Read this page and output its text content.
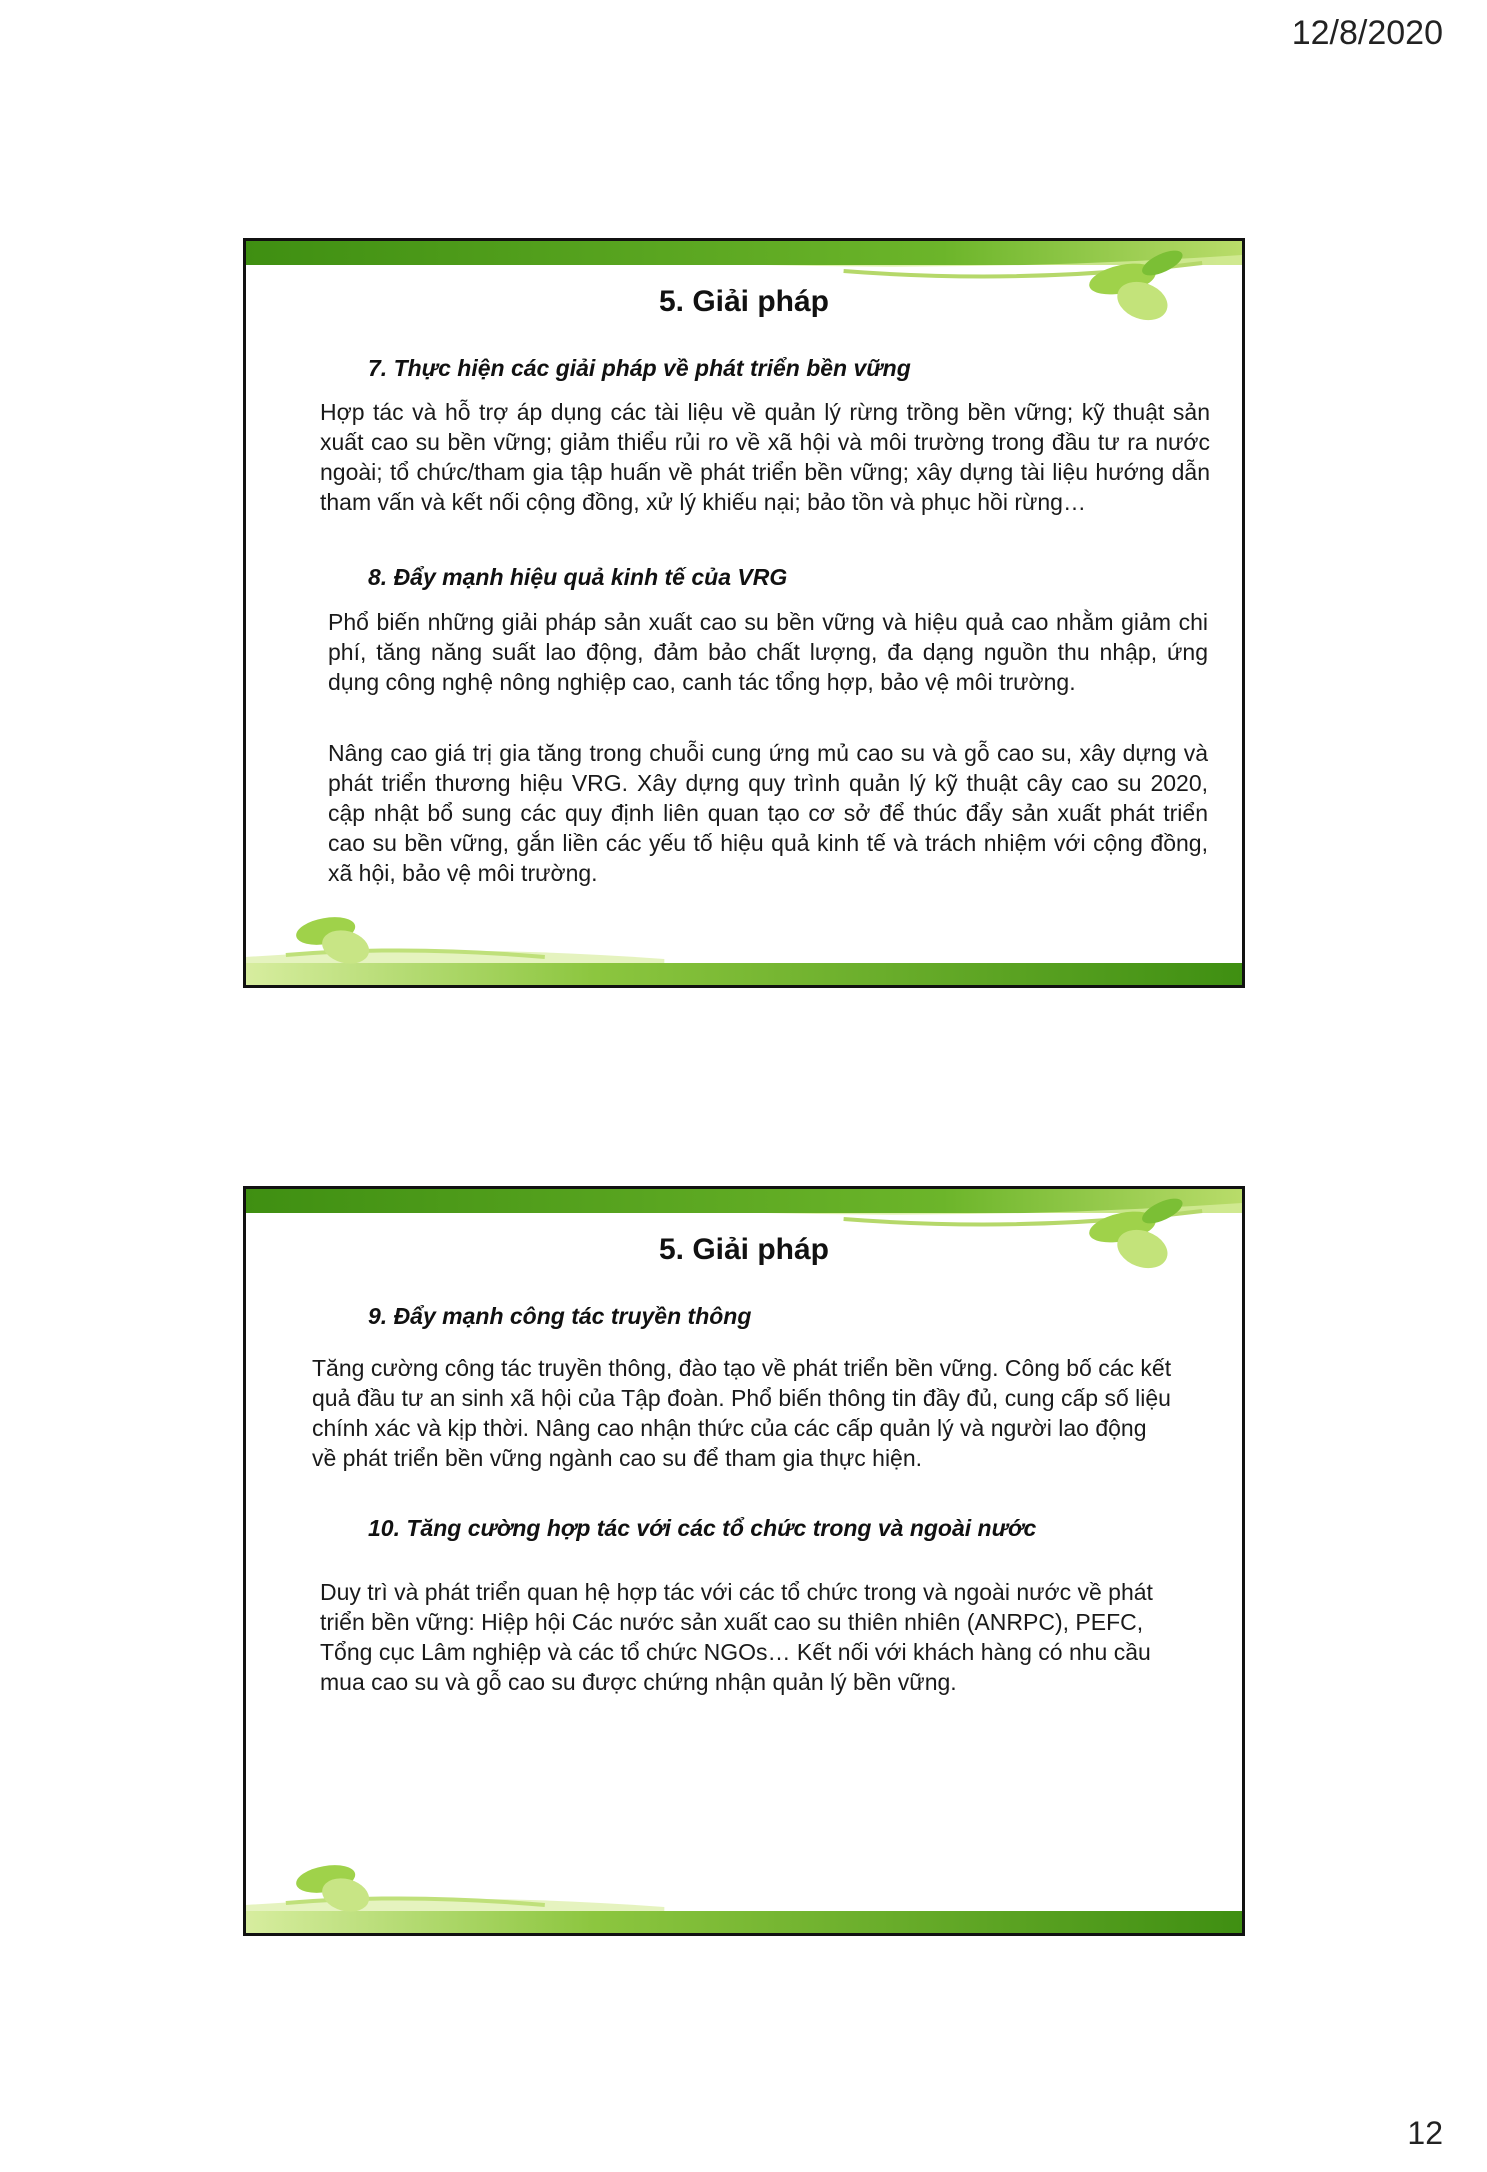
12/8/2020
5. Giải pháp
7. Thực hiện các giải pháp về phát triển bền vững
Hợp tác và hỗ trợ áp dụng các tài liệu về quản lý rừng trồng bền vững; kỹ thuật sản xuất cao su bền vững; giảm thiểu rủi ro về xã hội và môi trường trong đầu tư ra nước ngoài; tổ chức/tham gia tập huấn về phát triển bền vững; xây dựng tài liệu hướng dẫn tham vấn và kết nối cộng đồng, xử lý khiếu nại; bảo tồn và phục hồi rừng…
8. Đẩy mạnh hiệu quả kinh tế của VRG
Phổ biến những giải pháp sản xuất cao su bền vững và hiệu quả cao nhằm giảm chi phí, tăng năng suất lao động, đảm bảo chất lượng, đa dạng nguồn thu nhập, ứng dụng công nghệ nông nghiệp cao, canh tác tổng hợp, bảo vệ môi trường.
Nâng cao giá trị gia tăng trong chuỗi cung ứng mủ cao su và gỗ cao su, xây dựng và phát triển thương hiệu VRG. Xây dựng quy trình quản lý kỹ thuật cây cao su 2020, cập nhật bổ sung các quy định liên quan tạo cơ sở để thúc đẩy sản xuất phát triển cao su bền vững, gắn liền các yếu tố hiệu quả kinh tế và trách nhiệm với cộng đồng, xã hội, bảo vệ môi trường.
5. Giải pháp
9. Đẩy mạnh công tác truyền thông
Tăng cường công tác truyền thông, đào tạo về phát triển bền vững. Công bố các kết quả đầu tư an sinh xã hội của Tập đoàn. Phổ biến thông tin đầy đủ, cung cấp số liệu chính xác và kịp thời. Nâng cao nhận thức của các cấp quản lý và người lao động về phát triển bền vững ngành cao su để tham gia thực hiện.
10. Tăng cường hợp tác với các tổ chức trong và ngoài nước
Duy trì và phát triển quan hệ hợp tác với các tổ chức trong và ngoài nước về phát triển bền vững: Hiệp hội Các nước sản xuất cao su thiên nhiên (ANRPC), PEFC, Tổng cục Lâm nghiệp và các tổ chức NGOs… Kết nối với khách hàng có nhu cầu mua cao su và gỗ cao su được chứng nhận quản lý bền vững.
12
